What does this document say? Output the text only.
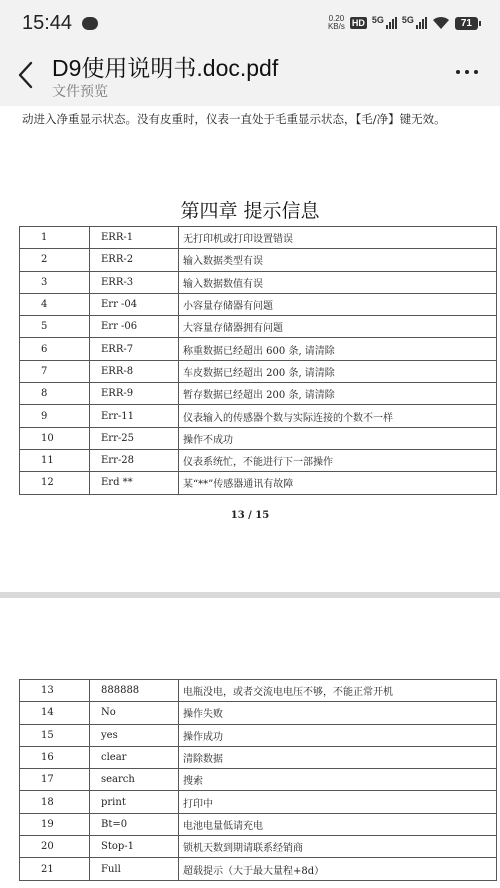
15:44	0.20
KB/s HD 5G 5G	71
D9使用说明书.doc.pdf
文件预览
动进入净重显示状态。没有皮重时，仪表一直处于毛重显示状态，【毛/净】键无效。
第四章 提示信息
1	ERR-1	无打印机或打印设置错误
2	ERR-2	输入数据类型有误
3	ERR-3	输入数据数值有误
4	Err -04	小容量存储器有问题
5	Err -06	大容量存储器拥有问题
6	ERR-7	称重数据已经超出 600 条, 请清除
7	ERR-8	车皮数据已经超出 200 条, 请清除
8	ERR-9	暂存数据已经超出 200 条, 请清除
9	Err-11	仪表输入的传感器个数与实际连接的个数不一样
10	Err-25	操作不成功
11	Err-28	仪表系统忙，不能进行下一部操作
12	Erd **	某“**”传感器通讯有故障
13 / 15
13	888888	电瓶没电，或者交流电电压不够，不能正常开机
14	No	操作失败
15	yes	操作成功
16	clear	清除数据
17	search	搜索
18	print	打印中
19	Bt=0	电池电量低请充电
20	Stop-1	锁机天数到期请联系经销商
21	Full	超载提示（大于最大量程+8d）
